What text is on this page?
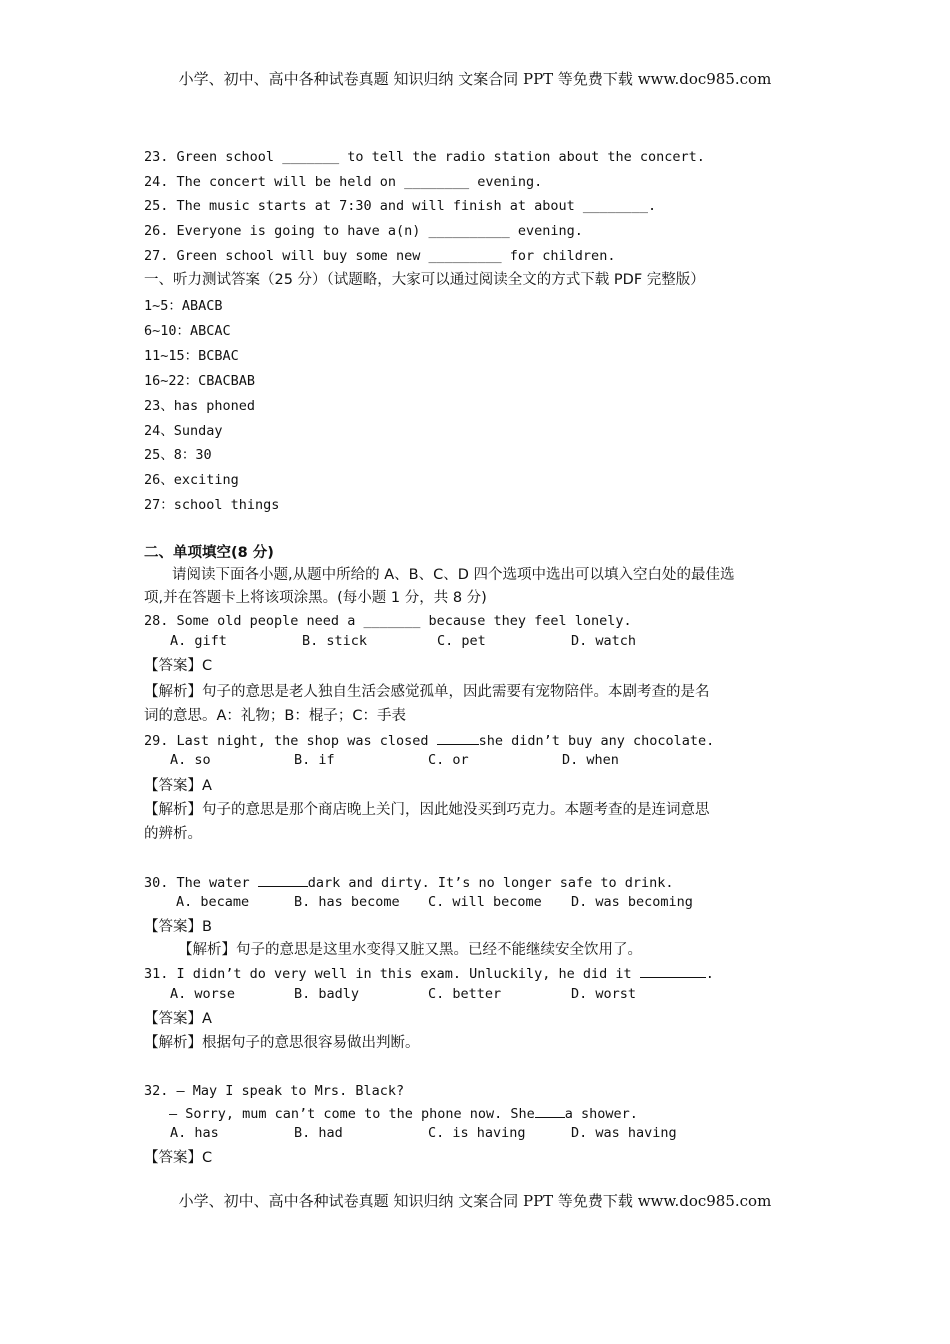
小学、初中、高中各种试卷真题 知识归纳 文案合同 PPT 等免费下载 www.doc985.com
23. Green school _______ to tell the radio station about the concert.
24. The concert will be held on ________ evening.
25. The music starts at 7:30 and will finish at about ________.
26. Everyone is going to have a(n) __________ evening.
27. Green school will buy some new _________ for children.
一、听力测试答案（25 分）（试题略，大家可以通过阅读全文的方式下载 PDF 完整版）
1~5：ABACB
6~10：ABCAC
11~15：BCBAC
16~22：CBACBAB
23、has phoned
24、Sunday
25、8：30
26、exciting
27：school things
二、单项填空(8 分)
请阅读下面各小题,从题中所给的 A、B、C、D 四个选项中选出可以填入空白处的最佳选
项,并在答题卡上将该项涂黑。(每小题 1 分，共 8 分)
28. Some old people need a _______ because they feel lonely.
A. gift	B. stick	C. pet	D. watch
【答案】C
【解析】句子的意思是老人独自生活会感觉孤单，因此需要有宠物陪伴。本剧考查的是名
词的意思。A：礼物；B：棍子；C：手表
29. Last night, the shop was closed	she didn’t buy any chocolate.
A. so	B. if	C. or	D. when
【答案】A
【解析】句子的意思是那个商店晚上关门，因此她没买到巧克力。本题考查的是连词意思
的辨析。
30. The water	dark and dirty. It’s no longer safe to drink.
A. became	B. has become C. will become D. was becoming
【答案】B
【解析】句子的意思是这里水变得又脏又黑。已经不能继续安全饮用了。
31. I didn’t do very well in this exam. Unluckily, he did it	.
A. worse	B. badly	C. better	D. worst
【答案】A
【解析】根据句子的意思很容易做出判断。
32. — May I speak to Mrs. Black?
— Sorry, mum can’t come to the phone now. She a shower.
A. has	B. had	C. is having	D. was having
【答案】C
小学、初中、高中各种试卷真题 知识归纳 文案合同 PPT 等免费下载 www.doc985.com
